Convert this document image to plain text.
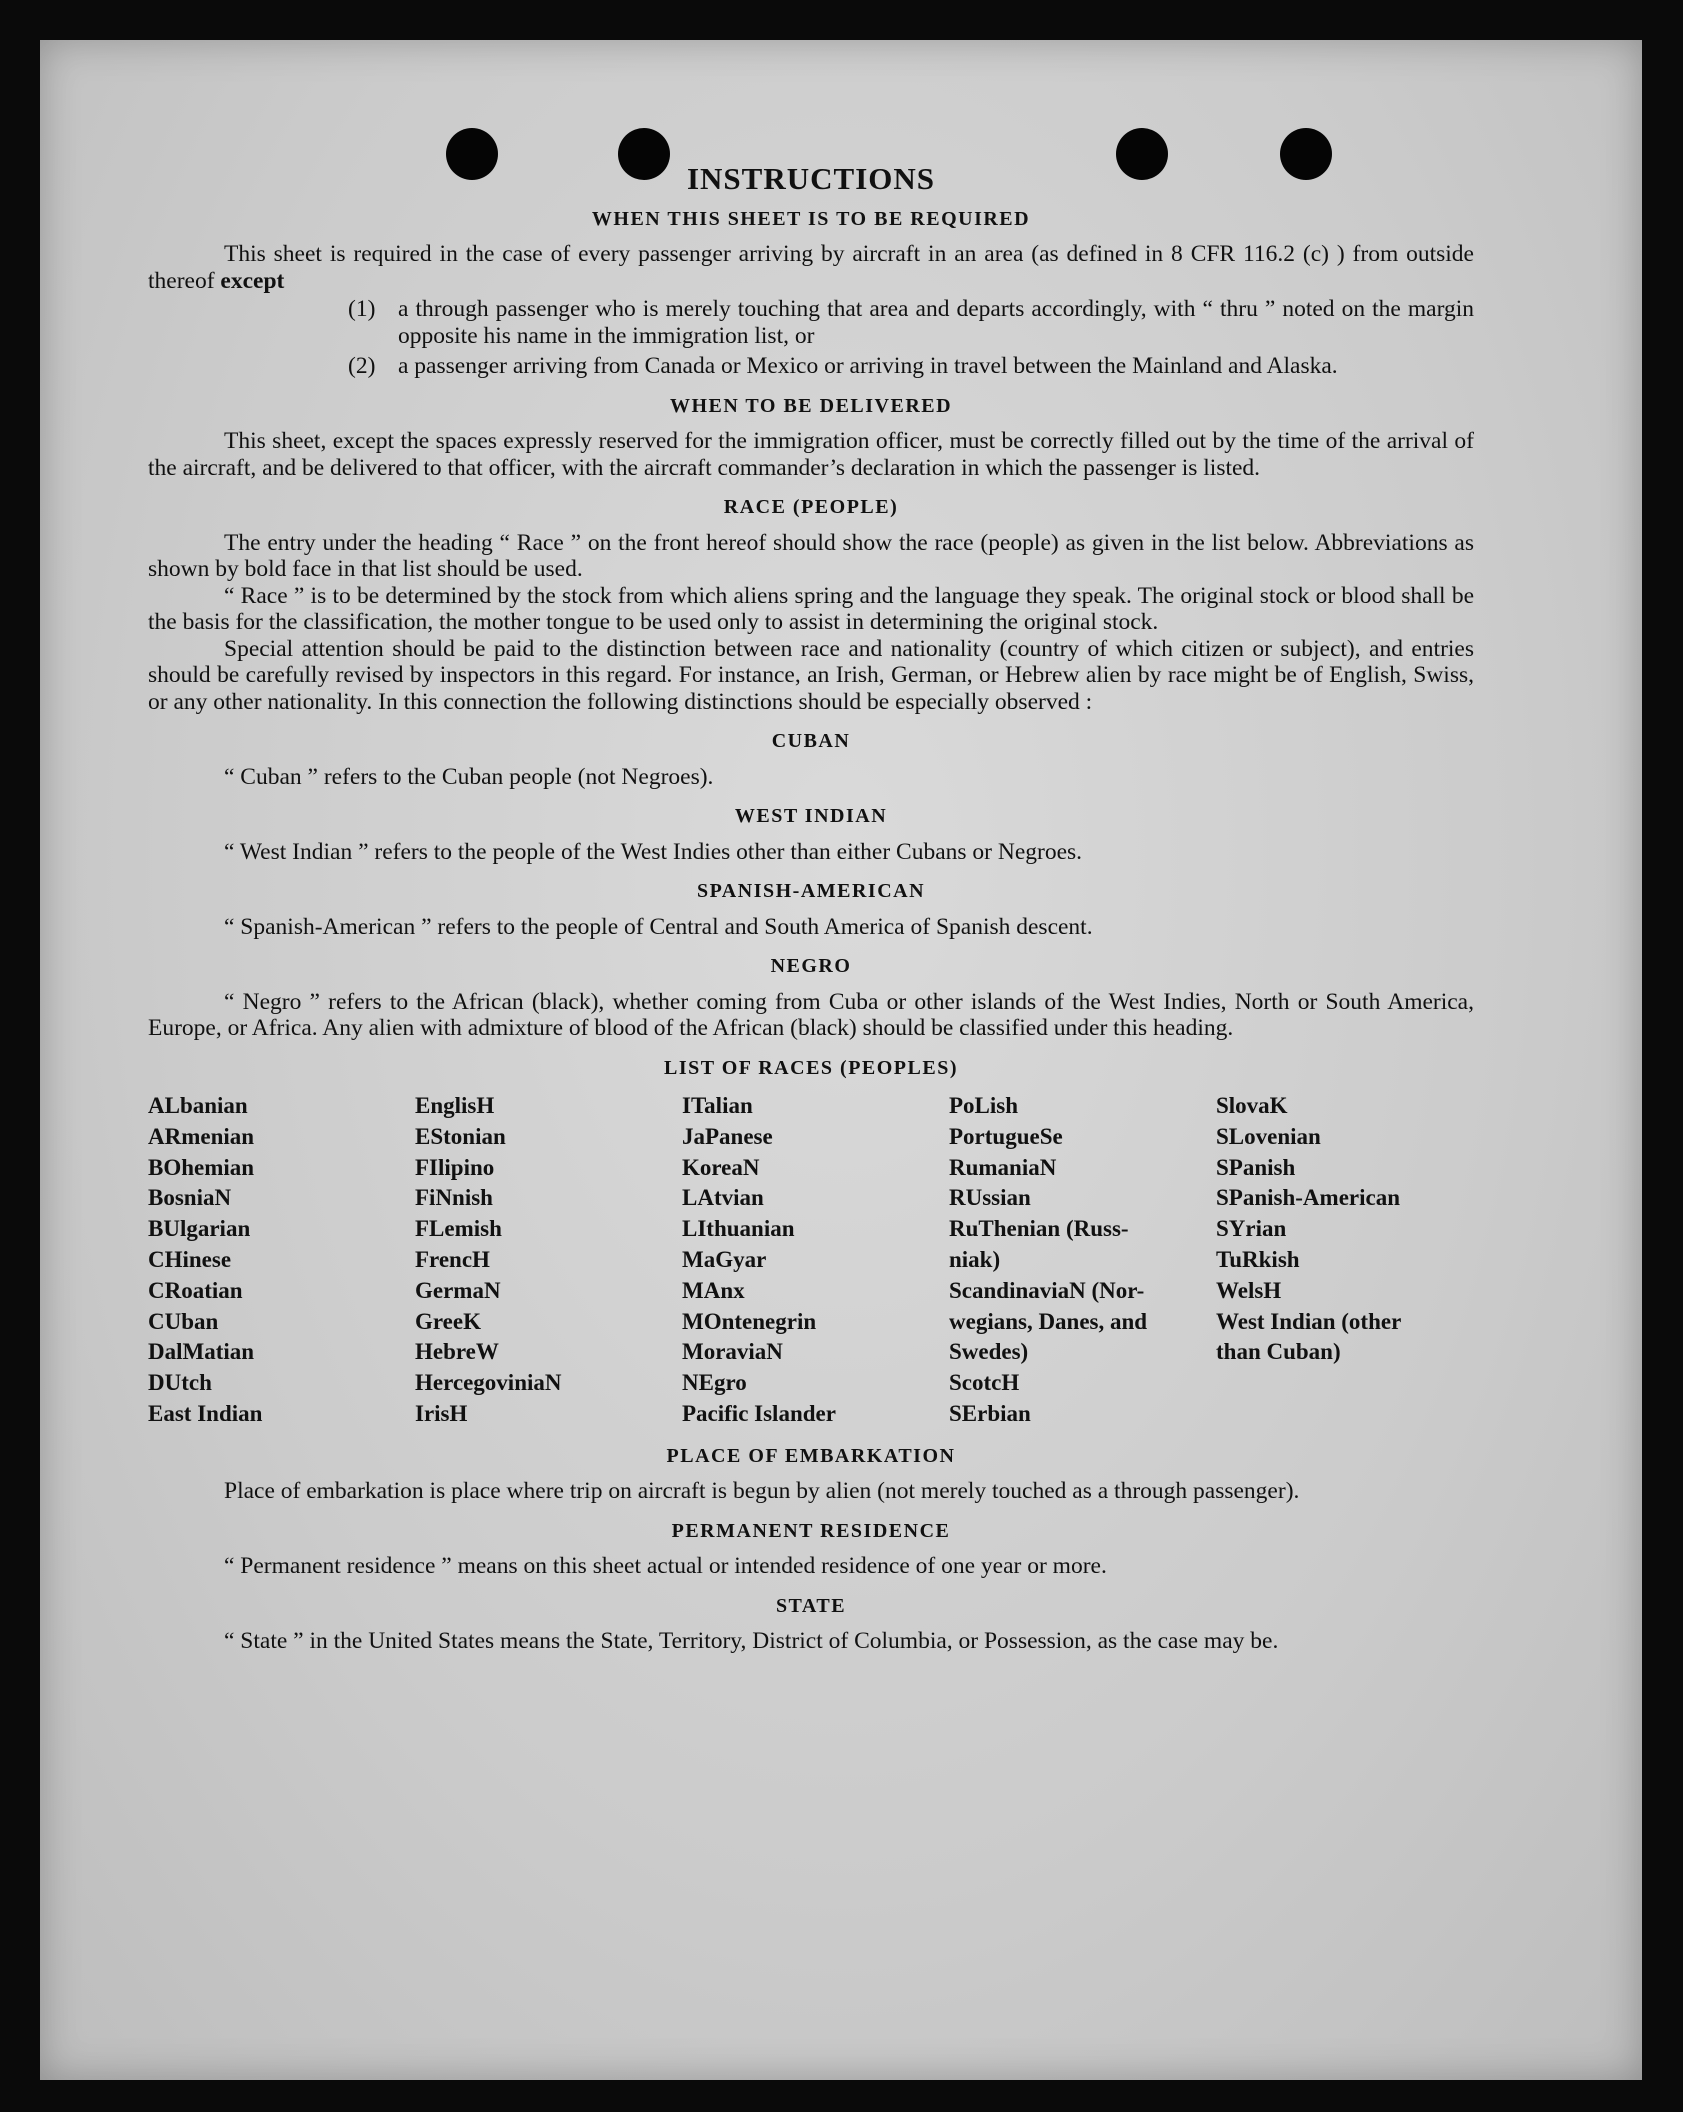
INSTRUCTIONS
WHEN THIS SHEET IS TO BE REQUIRED

This sheet is required in the case of every passenger arriving by aircraft in an area (as defined in 8 CFR 116.2 (c) ) from outside thereof except

(1) a through passenger who is merely touching that area and departs accordingly, with “ thru ” noted on the margin opposite his name in the immigration list, or
(2) a passenger arriving from Canada or Mexico or arriving in travel between the Mainland and Alaska.
WHEN TO BE DELIVERED

This sheet, except the spaces expressly reserved for the immigration officer, must be correctly filled out by the time of the arrival of the aircraft, and be delivered to that officer, with the aircraft commander’s declaration in which the passenger is listed.

RACE (PEOPLE)

The entry under the heading “ Race ” on the front hereof should show the race (people) as given in the list below. Abbreviations as shown by bold face in that list should be used.

“ Race ” is to be determined by the stock from which aliens spring and the language they speak. The original stock or blood shall be the basis for the classification, the mother tongue to be used only to assist in determining the original stock.

Special attention should be paid to the distinction between race and nationality (country of which citizen or subject), and entries should be carefully revised by inspectors in this regard. For instance, an Irish, German, or Hebrew alien by race might be of English, Swiss, or any other nationality. In this connection the following distinctions should be especially observed :

CUBAN

“ Cuban ” refers to the Cuban people (not Negroes).

WEST INDIAN

“ West Indian ” refers to the people of the West Indies other than either Cubans or Negroes.

SPANISH-AMERICAN

“ Spanish-American ” refers to the people of Central and South America of Spanish descent.

NEGRO

“ Negro ” refers to the African (black), whether coming from Cuba or other islands of the West Indies, North or South America, Europe, or Africa. Any alien with admixture of blood of the African (black) should be classified under this heading.

LIST OF RACES (PEOPLES)
ALbanian
ARmenian
BOhemian
BosniaN
BUlgarian
CHinese
CRoatian
CUban
DalMatian
DUtch
East Indian
EnglisH
EStonian
FIlipino
FiNnish
FLemish
FrencH
GermaN
GreeK
HebreW
HercegoviniaN
IrisH
ITalian
JaPanese
KoreaN
LAtvian
LIthuanian
MaGyar
MAnx
MOntenegrin
MoraviaN
NEgro
Pacific Islander
PoLish
PortugueSe
RumaniaN
RUssian
RuThenian (Russ-niak)
ScandinaviaN (Nor-wegians, Danes, and Swedes)
ScotcH
SErbian
SlovaK
SLovenian
SPanish
SPanish-American
SYrian
TuRkish
WelsH
West Indian (other than Cuban)
PLACE OF EMBARKATION

Place of embarkation is place where trip on aircraft is begun by alien (not merely touched as a through passenger).

PERMANENT RESIDENCE

“ Permanent residence ” means on this sheet actual or intended residence of one year or more.

STATE

“ State ” in the United States means the State, Territory, District of Columbia, or Possession, as the case may be.
